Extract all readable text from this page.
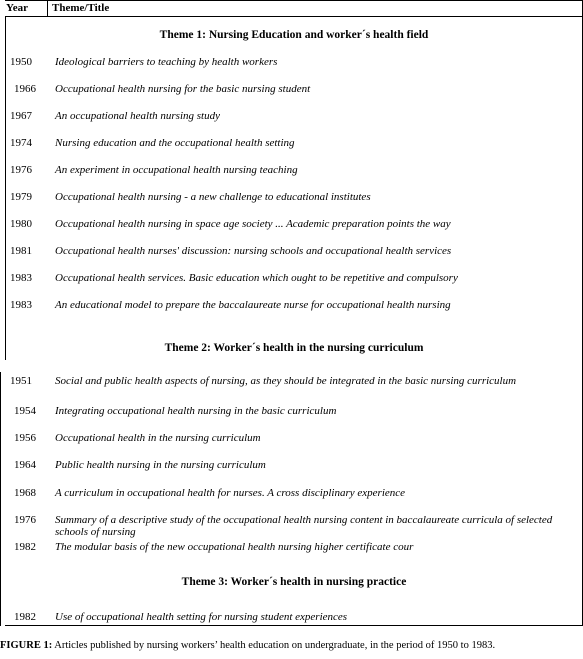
Year Theme/Title
Theme 1: Nursing Education and worker´s health field
1950 Ideological barriers to teaching by health workers
1966 Occupational health nursing for the basic nursing student
1967 An occupational health nursing study
1974 Nursing education and the occupational health setting
1976 An experiment in occupational health nursing teaching
1979 Occupational health nursing - a new challenge to educational institutes
1980 Occupational health nursing in space age society ... Academic preparation points the way
1981 Occupational health nurses' discussion: nursing schools and occupational health services
1983 Occupational health services. Basic education which ought to be repetitive and compulsory
1983 An educational model to prepare the baccalaureate nurse for occupational health nursing
Theme 2: Worker´s health in the nursing curriculum
1951 Social and public health aspects of nursing, as they should be integrated in the basic nursing curriculum
1954 Integrating occupational health nursing in the basic curriculum
1956 Occupational health in the nursing curriculum
1964 Public health nursing in the nursing curriculum
1968 A curriculum in occupational health for nurses. A cross disciplinary experience
1976 Summary of a descriptive study of the occupational health nursing content in baccalaureate curricula of selected schools of nursing
1982 The modular basis of the new occupational health nursing higher certificate cour
Theme 3: Worker´s health in nursing practice
1982 Use of occupational health setting for nursing student experiences
FIGURE 1: Articles published by nursing workers’ health education on undergraduate, in the period of 1950 to 1983.
